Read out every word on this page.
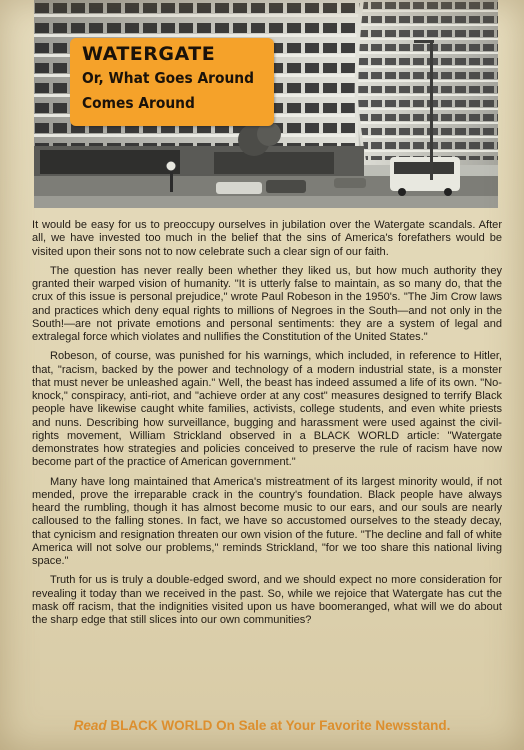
WATERGATE
Or, What Goes Around
Comes Around

It would be easy for us to preoccupy ourselves in jubilation over the Watergate scandals. After all, we have invested too much in the belief that the sins of America's forefathers would be visited upon their sons not to now celebrate such a clear sign of our faith.

The question has never really been whether they liked us, but how much authority they granted their warped vision of humanity. "It is utterly false to maintain, as so many do, that the crux of this issue is personal prejudice," wrote Paul Robeson in the 1950's. "The Jim Crow laws and practices which deny equal rights to millions of Negroes in the South—and not only in the South!—are not private emotions and personal sentiments: they are a system of legal and extralegal force which violates and nullifies the Constitution of the United States."

Robeson, of course, was punished for his warnings, which included, in reference to Hitler, that, "racism, backed by the power and technology of a modern industrial state, is a monster that must never be unleashed again." Well, the beast has indeed assumed a life of its own. "No-knock," conspiracy, anti-riot, and "achieve order at any cost" measures designed to terrify Black people have likewise caught white families, activists, college students, and even white priests and nuns. Describing how surveillance, bugging and harassment were used against the civil-rights movement, William Strickland observed in a BLACK WORLD article: "Watergate demonstrates how strategies and policies conceived to preserve the rule of racism have now become part of the practice of American government."

Many have long maintained that America's mistreatment of its largest minority would, if not mended, prove the irreparable crack in the country's foundation. Black people have always heard the rumbling, though it has almost become music to our ears, and our souls are nearly calloused to the falling stones. In fact, we have so accustomed ourselves to the steady decay, that cynicism and resignation threaten our own vision of the future. "The decline and fall of white America will not solve our problems," reminds Strickland, "for we too share this national living space."

Truth for us is truly a double-edged sword, and we should expect no more consideration for revealing it today than we received in the past. So, while we rejoice that Watergate has cut the mask off racism, that the indignities visited upon us have boomeranged, what will we do about the sharp edge that still slices into our own communities?

Read BLACK WORLD On Sale at Your Favorite Newsstand.
